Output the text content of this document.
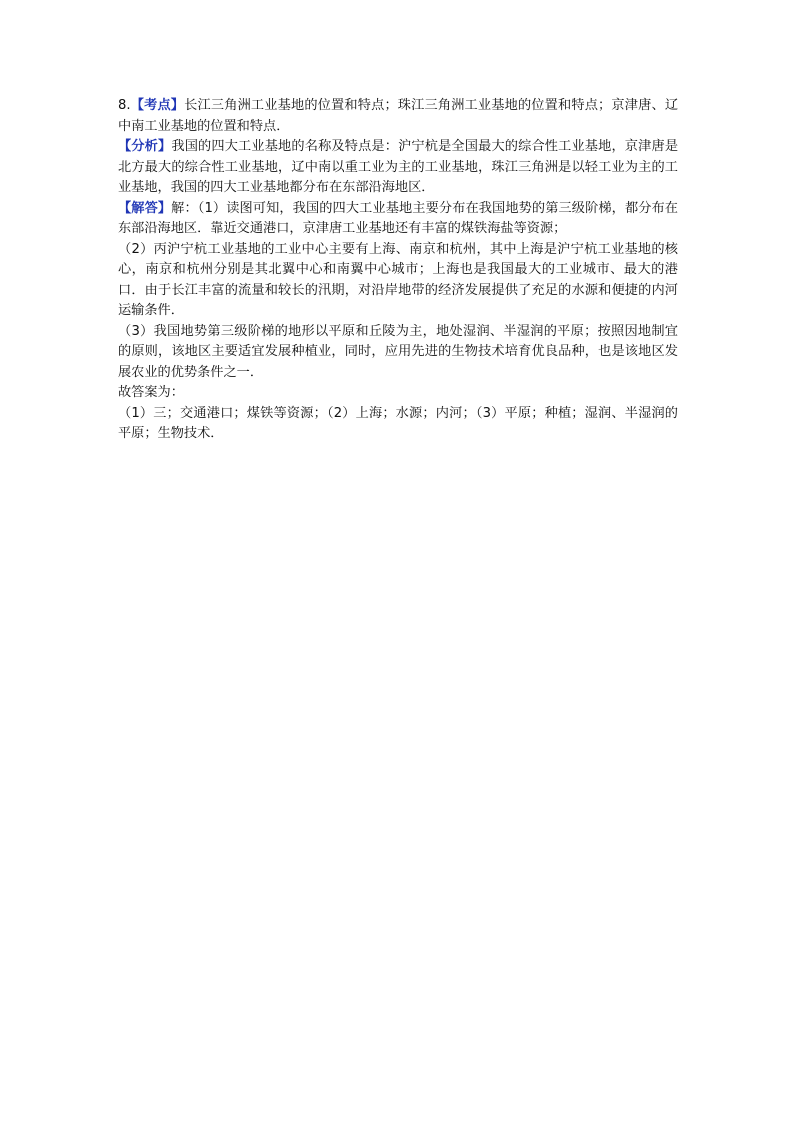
8.【考点】长江三角洲工业基地的位置和特点；珠江三角洲工业基地的位置和特点；京津唐、辽中南工业基地的位置和特点．

【分析】我国的四大工业基地的名称及特点是：沪宁杭是全国最大的综合性工业基地，京津唐是北方最大的综合性工业基地，辽中南以重工业为主的工业基地，珠江三角洲是以轻工业为主的工业基地，我国的四大工业基地都分布在东部沿海地区．

【解答】解：（1）读图可知，我国的四大工业基地主要分布在我国地势的第三级阶梯，都分布在东部沿海地区．靠近交通港口，京津唐工业基地还有丰富的煤铁海盐等资源；

（2）丙沪宁杭工业基地的工业中心主要有上海、南京和杭州，其中上海是沪宁杭工业基地的核心，南京和杭州分别是其北翼中心和南翼中心城市；上海也是我国最大的工业城市、最大的港口．由于长江丰富的流量和较长的汛期，对沿岸地带的经济发展提供了充足的水源和便捷的内河运输条件．

（3）我国地势第三级阶梯的地形以平原和丘陵为主，地处湿润、半湿润的平原；按照因地制宜的原则，该地区主要适宜发展种植业，同时，应用先进的生物技术培育优良品种，也是该地区发展农业的优势条件之一．

故答案为：

（1）三；交通港口；煤铁等资源；（2）上海；水源；内河；（3）平原；种植；湿润、半湿润的平原；生物技术．
